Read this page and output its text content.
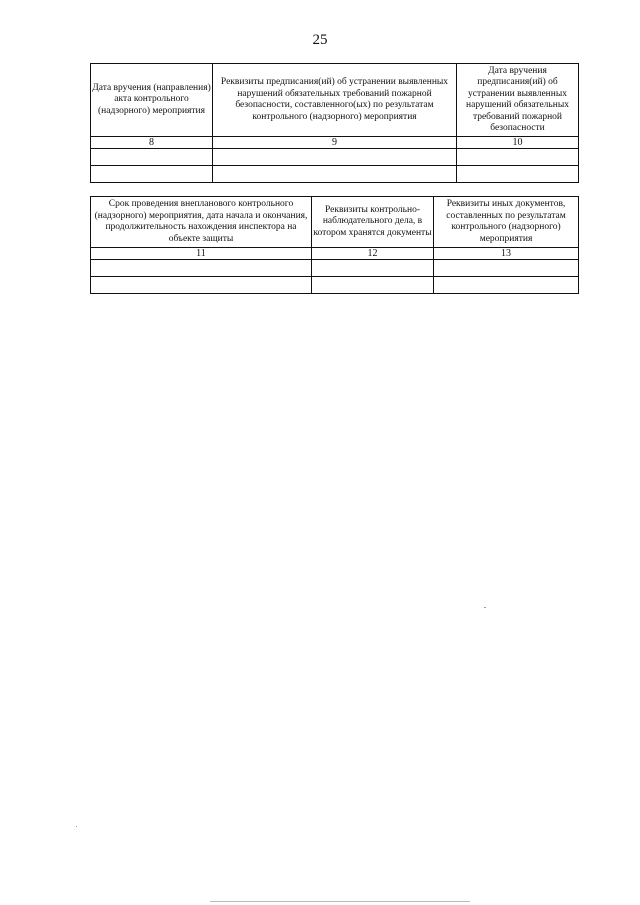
25
Дата вручения (направления) акта контрольного (надзорного) мероприятия	Реквизиты предписания(ий) об устранении выявленных нарушений обязательных требований пожарной безопасности, составленного(ых) по результатам контрольного (надзорного) мероприятия	Дата вручения предписания(ий) об устранении выявленных нарушений обязательных требований пожарной безопасности
8	9	10

Срок проведения внепланового контрольного (надзорного) мероприятия, дата начала и окончания, продолжительность нахождения инспектора на объекте защиты	Реквизиты контрольно-наблюдательного дела, в котором хранятся документы	Реквизиты иных документов, составленных по результатам контрольного (надзорного) мероприятия
11	12	13
